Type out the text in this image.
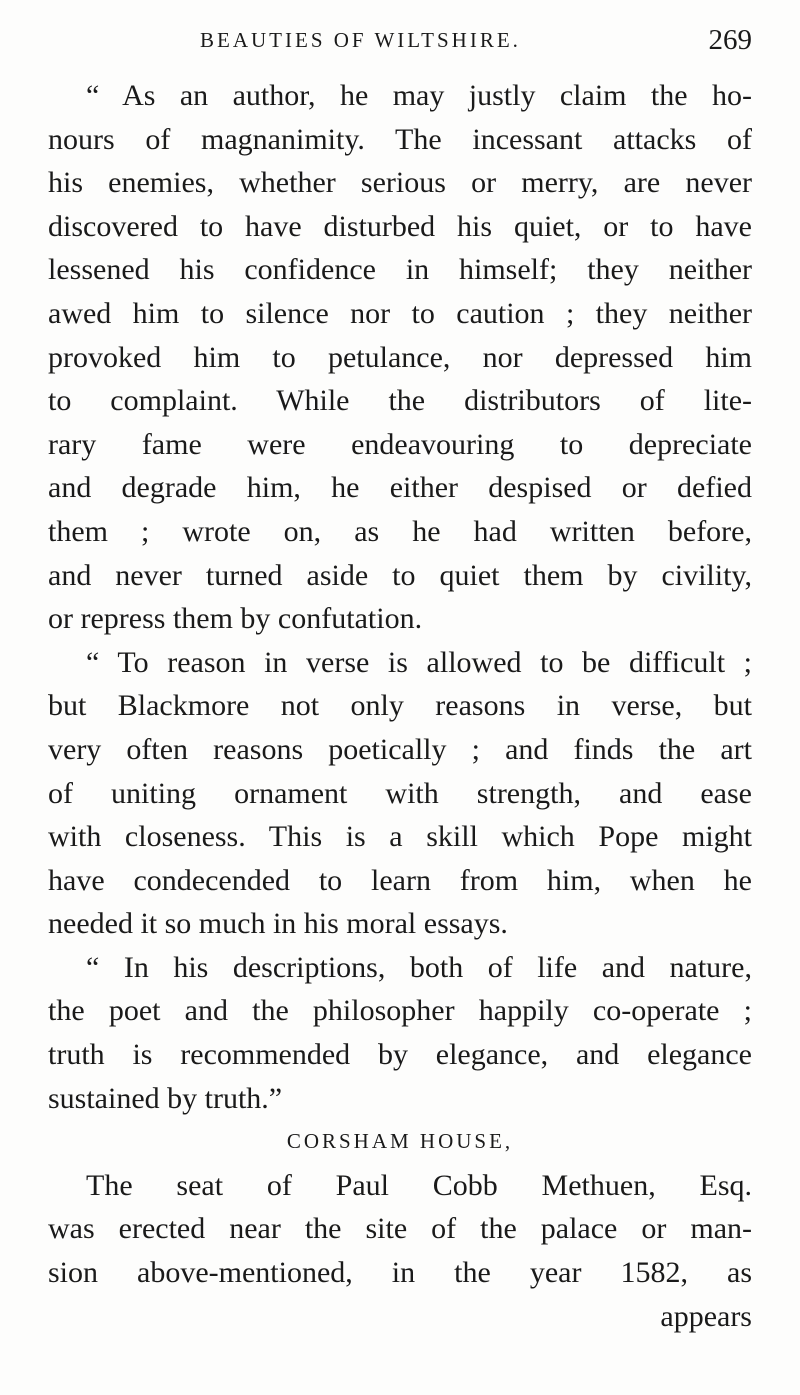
BEAUTIES OF WILTSHIRE.	269
“ As an author, he may justly claim the ho-
nours of magnanimity. The incessant attacks of
his enemies, whether serious or merry, are never
discovered to have disturbed his quiet, or to have
lessened his confidence in himself; they neither
awed him to silence nor to caution ; they neither
provoked him to petulance, nor depressed him
to complaint. While the distributors of lite-
rary fame were endeavouring to depreciate
and degrade him, he either despised or defied
them ; wrote on, as he had written before,
and never turned aside to quiet them by civility,
or repress them by confutation.
“ To reason in verse is allowed to be difficult ;
but Blackmore not only reasons in verse, but
very often reasons poetically ; and finds the art
of uniting ornament with strength, and ease
with closeness. This is a skill which Pope might
have condecended to learn from him, when he
needed it so much in his moral essays.
“ In his descriptions, both of life and nature,
the poet and the philosopher happily co-operate ;
truth is recommended by elegance, and elegance
sustained by truth.”
CORSHAM HOUSE,
The seat of Paul Cobb Methuen, Esq.
was erected near the site of the palace or man-
sion above-mentioned, in the year 1582, as
appears
